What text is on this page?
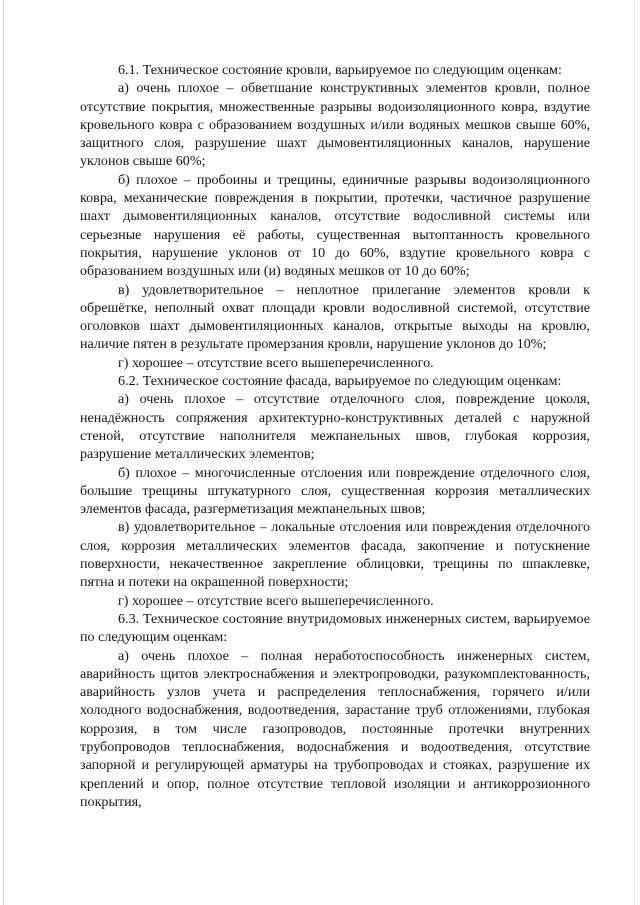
6.1. Техническое состояние кровли, варьируемое по следующим оценкам:

а) очень плохое – обветшание конструктивных элементов кровли, полное отсутствие покрытия, множественные разрывы водоизоляционного ковра, вздутие кровельного ковра с образованием воздушных и/или водяных мешков свыше 60%, защитного слоя, разрушение шахт дымовентиляционных каналов, нарушение уклонов свыше 60%;

б) плохое – пробоины и трещины, единичные разрывы водоизоляционного ковра, механические повреждения в покрытии, протечки, частичное разрушение шахт дымовентиляционных каналов, отсутствие водосливной системы или серьезные нарушения её работы, существенная вытоптанность кровельного покрытия, нарушение уклонов от 10 до 60%, вздутие кровельного ковра с образованием воздушных или (и) водяных мешков от 10 до 60%;

в) удовлетворительное – неплотное прилегание элементов кровли к обрешётке, неполный охват площади кровли водосливной системой, отсутствие оголовков шахт дымовентиляционных каналов, открытые выходы на кровлю, наличие пятен в результате промерзания кровли, нарушение уклонов до 10%;

г) хорошее – отсутствие всего вышеперечисленного.

6.2. Техническое состояние фасада, варьируемое по следующим оценкам:

а) очень плохое – отсутствие отделочного слоя, повреждение цоколя, ненадёжность сопряжения архитектурно-конструктивных деталей с наружной стеной, отсутствие наполнителя межпанельных швов, глубокая коррозия, разрушение металлических элементов;

б) плохое – многочисленные отслоения или повреждение отделочного слоя, большие трещины штукатурного слоя, существенная коррозия металлических элементов фасада, разгерметизация межпанельных швов;

в) удовлетворительное – локальные отслоения или повреждения отделочного слоя, коррозия металлических элементов фасада, закопчение и потускнение поверхности, некачественное закрепление облицовки, трещины по шпаклевке, пятна и потеки на окрашенной поверхности;

г) хорошее – отсутствие всего вышеперечисленного.

6.3. Техническое состояние внутридомовых инженерных систем, варьируемое по следующим оценкам:

а) очень плохое – полная неработоспособность инженерных систем, аварийность щитов электроснабжения и электропроводки, разукомплектованность, аварийность узлов учета и распределения теплоснабжения, горячего и/или холодного водоснабжения, водоотведения, зарастание труб отложениями, глубокая коррозия, в том числе газопроводов, постоянные протечки внутренних трубопроводов теплоснабжения, водоснабжения и водоотведения, отсутствие запорной и регулирующей арматуры на трубопроводах и стояках, разрушение их креплений и опор, полное отсутствие тепловой изоляции и антикоррозионного покрытия,
